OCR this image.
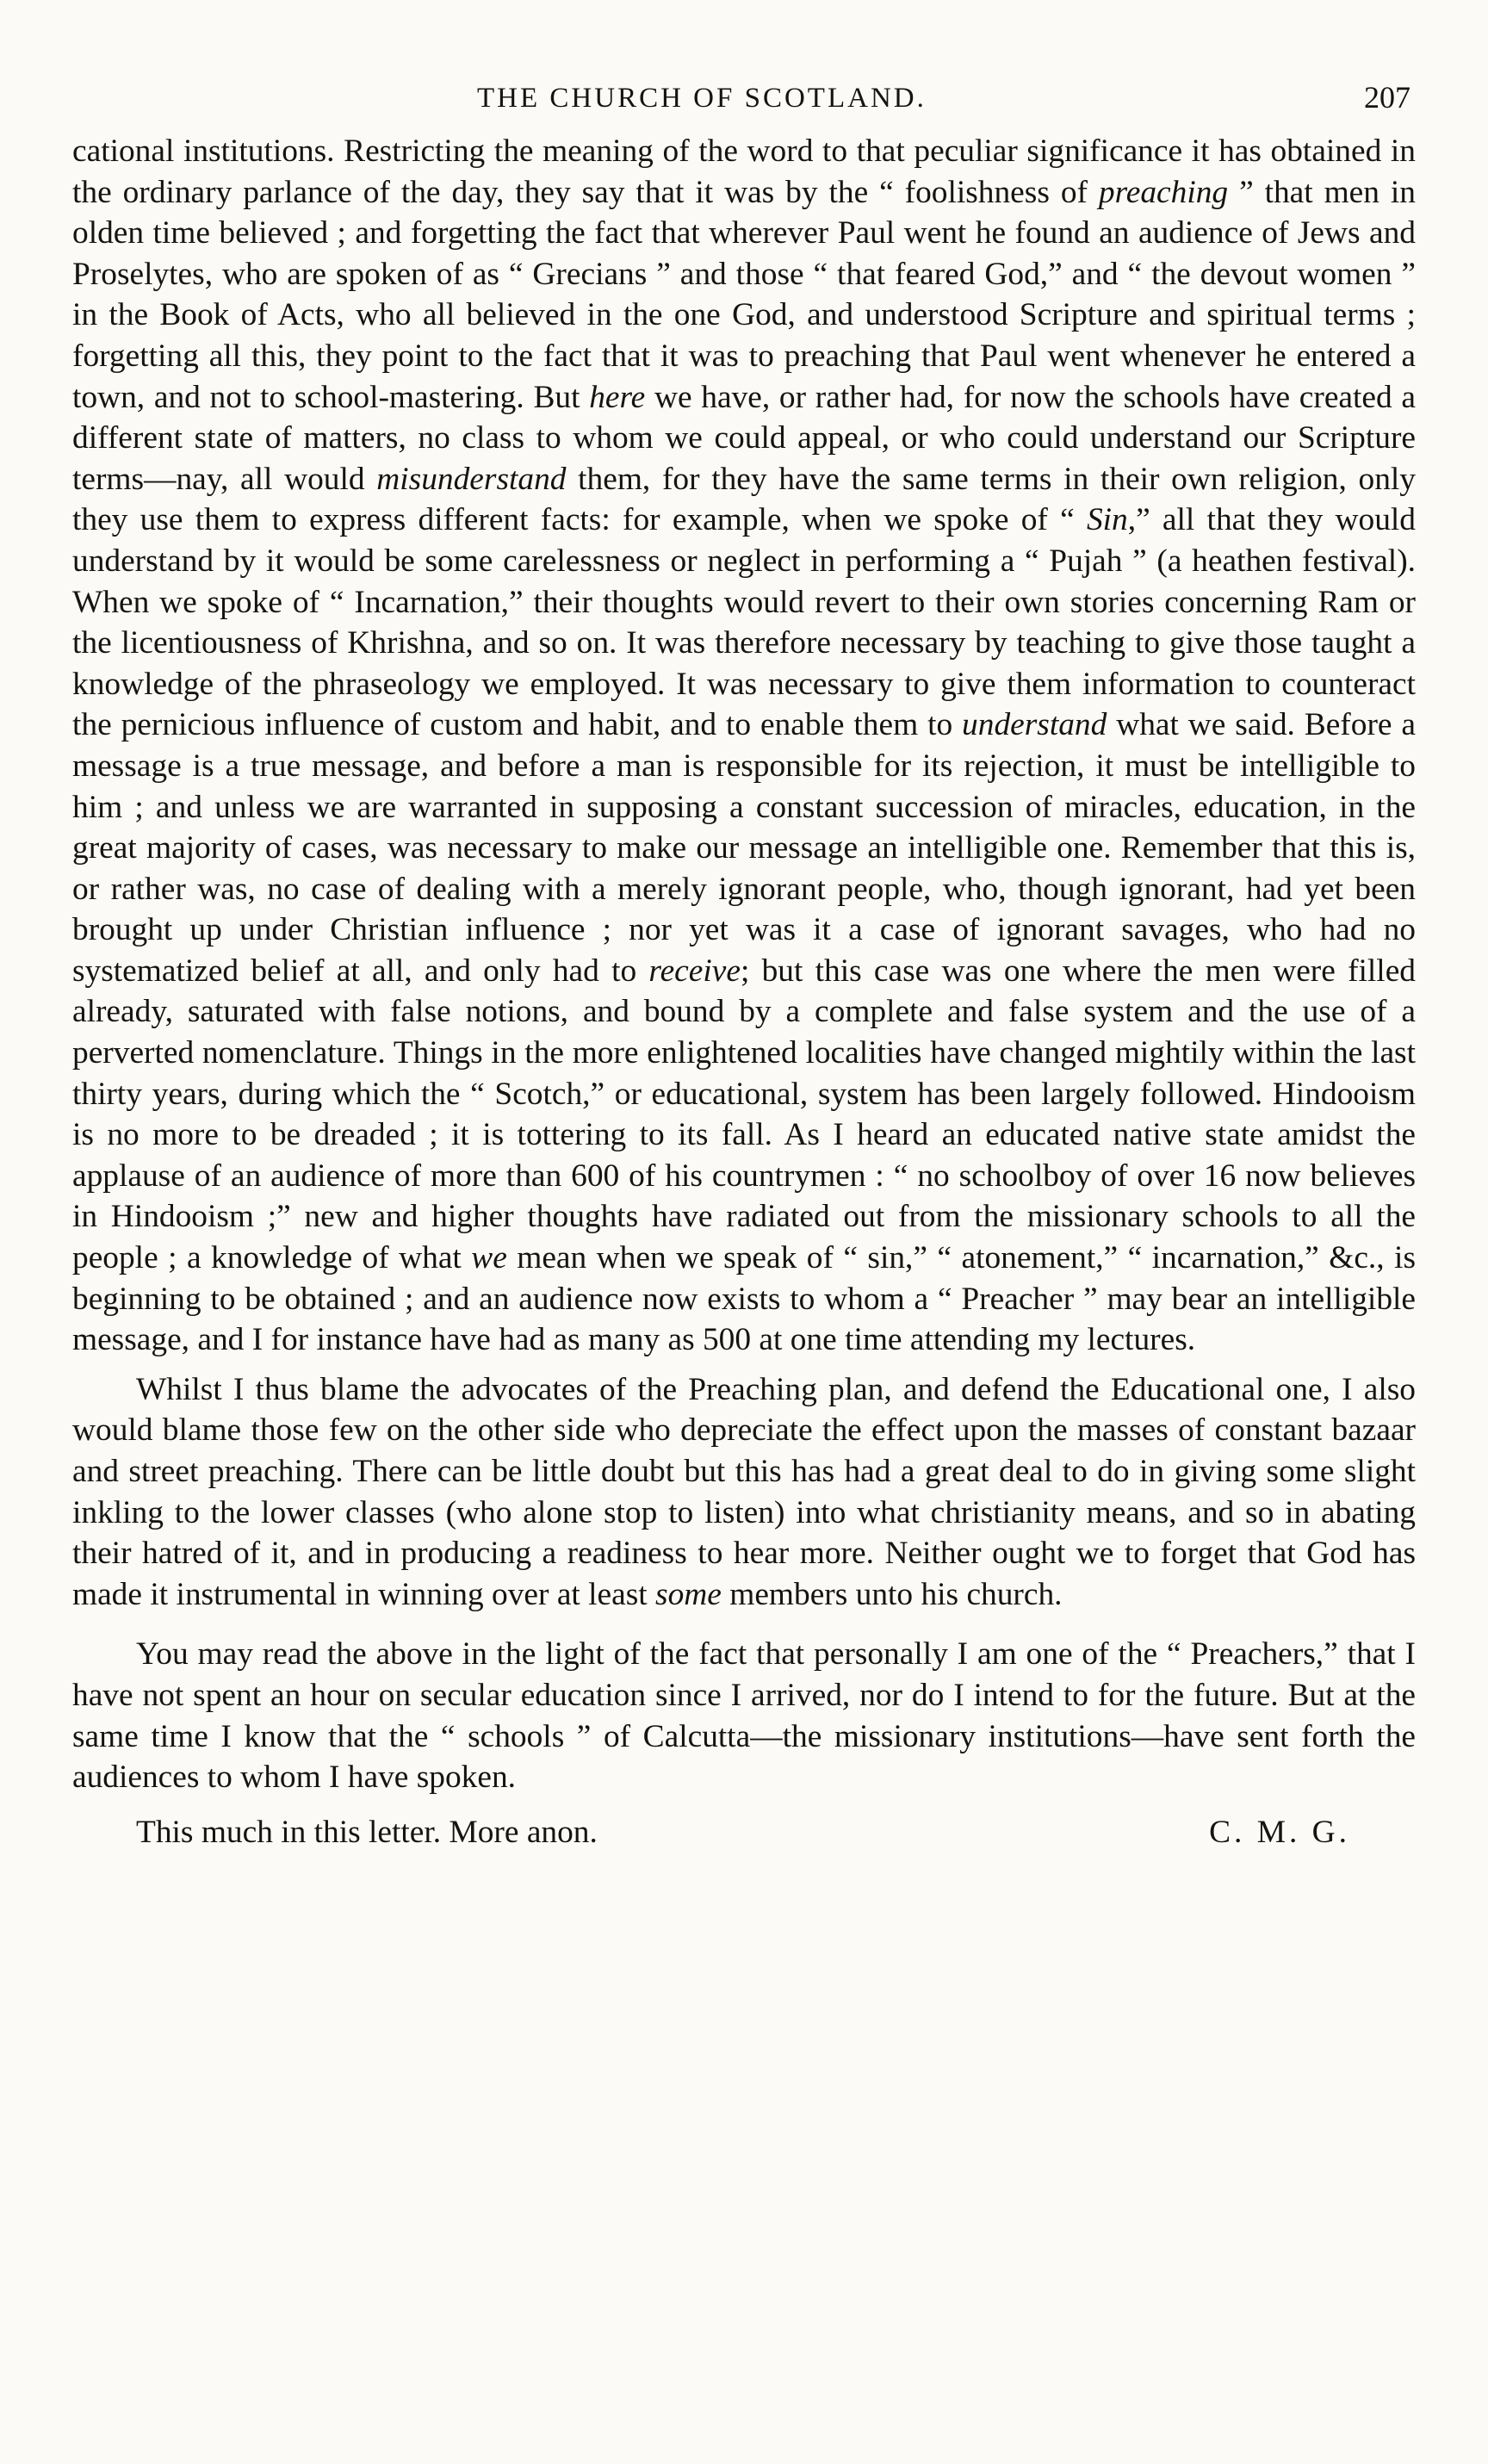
THE CHURCH OF SCOTLAND.	207

cational institutions. Restricting the meaning of the word to that peculiar significance it has obtained in the ordinary parlance of the day, they say that it was by the “ foolishness of preaching ” that men in olden time believed ; and forgetting the fact that wherever Paul went he found an audience of Jews and Proselytes, who are spoken of as “ Grecians ” and those “ that feared God,” and “ the devout women ” in the Book of Acts, who all believed in the one God, and understood Scripture and spiritual terms ; forgetting all this, they point to the fact that it was to preaching that Paul went whenever he entered a town, and not to school-mastering. But here we have, or rather had, for now the schools have created a different state of matters, no class to whom we could appeal, or who could understand our Scripture terms—nay, all would misunderstand them, for they have the same terms in their own religion, only they use them to express different facts: for example, when we spoke of “ Sin,” all that they would understand by it would be some carelessness or neglect in performing a “ Pujah ” (a heathen festival). When we spoke of “ Incarnation,” their thoughts would revert to their own stories concerning Ram or the licentiousness of Khrishna, and so on. It was therefore necessary by teaching to give those taught a knowledge of the phraseology we employed. It was necessary to give them information to counteract the pernicious influence of custom and habit, and to enable them to understand what we said. Before a message is a true message, and before a man is responsible for its rejection, it must be intelligible to him ; and unless we are warranted in supposing a constant succession of miracles, education, in the great majority of cases, was necessary to make our message an intelligible one. Remember that this is, or rather was, no case of dealing with a merely ignorant people, who, though ignorant, had yet been brought up under Christian influence ; nor yet was it a case of ignorant savages, who had no systematized belief at all, and only had to receive; but this case was one where the men were filled already, saturated with false notions, and bound by a complete and false system and the use of a perverted nomenclature. Things in the more enlightened localities have changed mightily within the last thirty years, during which the “ Scotch,” or educational, system has been largely followed. Hindooism is no more to be dreaded ; it is tottering to its fall. As I heard an educated native state amidst the applause of an audience of more than 600 of his countrymen : “ no schoolboy of over 16 now believes in Hindooism ;” new and higher thoughts have radiated out from the missionary schools to all the people ; a knowledge of what we mean when we speak of “ sin,” “ atonement,” “ incarnation,” &c., is beginning to be obtained ; and an audience now exists to whom a “ Preacher ” may bear an intelligible message, and I for instance have had as many as 500 at one time attending my lectures.

Whilst I thus blame the advocates of the Preaching plan, and defend the Educational one, I also would blame those few on the other side who depreciate the effect upon the masses of constant bazaar and street preaching. There can be little doubt but this has had a great deal to do in giving some slight inkling to the lower classes (who alone stop to listen) into what christianity means, and so in abating their hatred of it, and in producing a readiness to hear more. Neither ought we to forget that God has made it instrumental in winning over at least some members unto his church.

You may read the above in the light of the fact that personally I am one of the “ Preachers,” that I have not spent an hour on secular education since I arrived, nor do I intend to for the future. But at the same time I know that the “ schools ” of Calcutta—the missionary institutions—have sent forth the audiences to whom I have spoken.

This much in this letter. More anon.	C. M. G.
